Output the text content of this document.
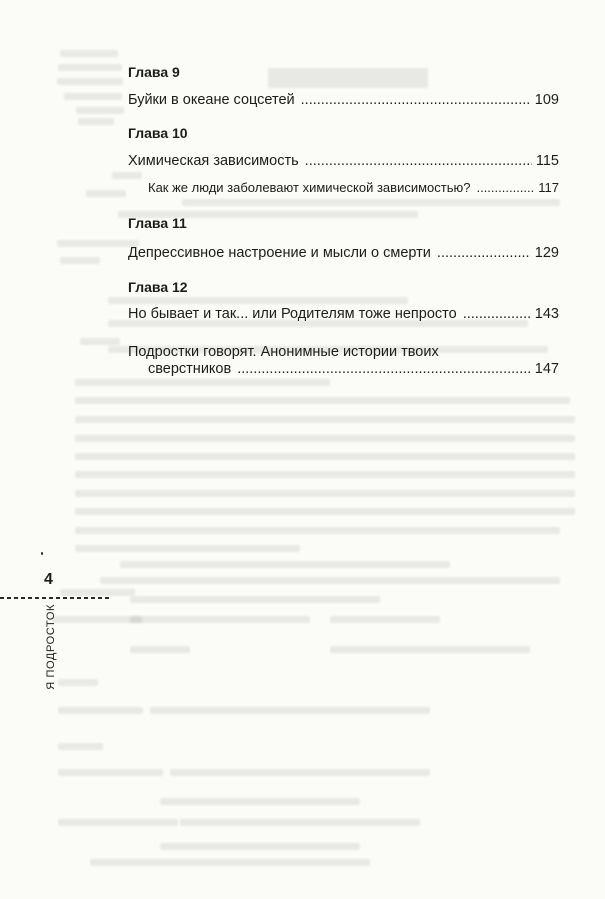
Глава 9
Буйки в океане соцсетей .....	109
Глава 10
Химическая зависимость .....	115
Как же люди заболевают химической зависимостью? .....	117
Глава 11
Депрессивное настроение и мысли о смерти .....	129
Глава 12
Но бывает и так... или Родителям тоже непросто .....	143
Подростки говорят. Анонимные истории твоих
сверстников .....	147
4
Я ПОДРОСТОК
